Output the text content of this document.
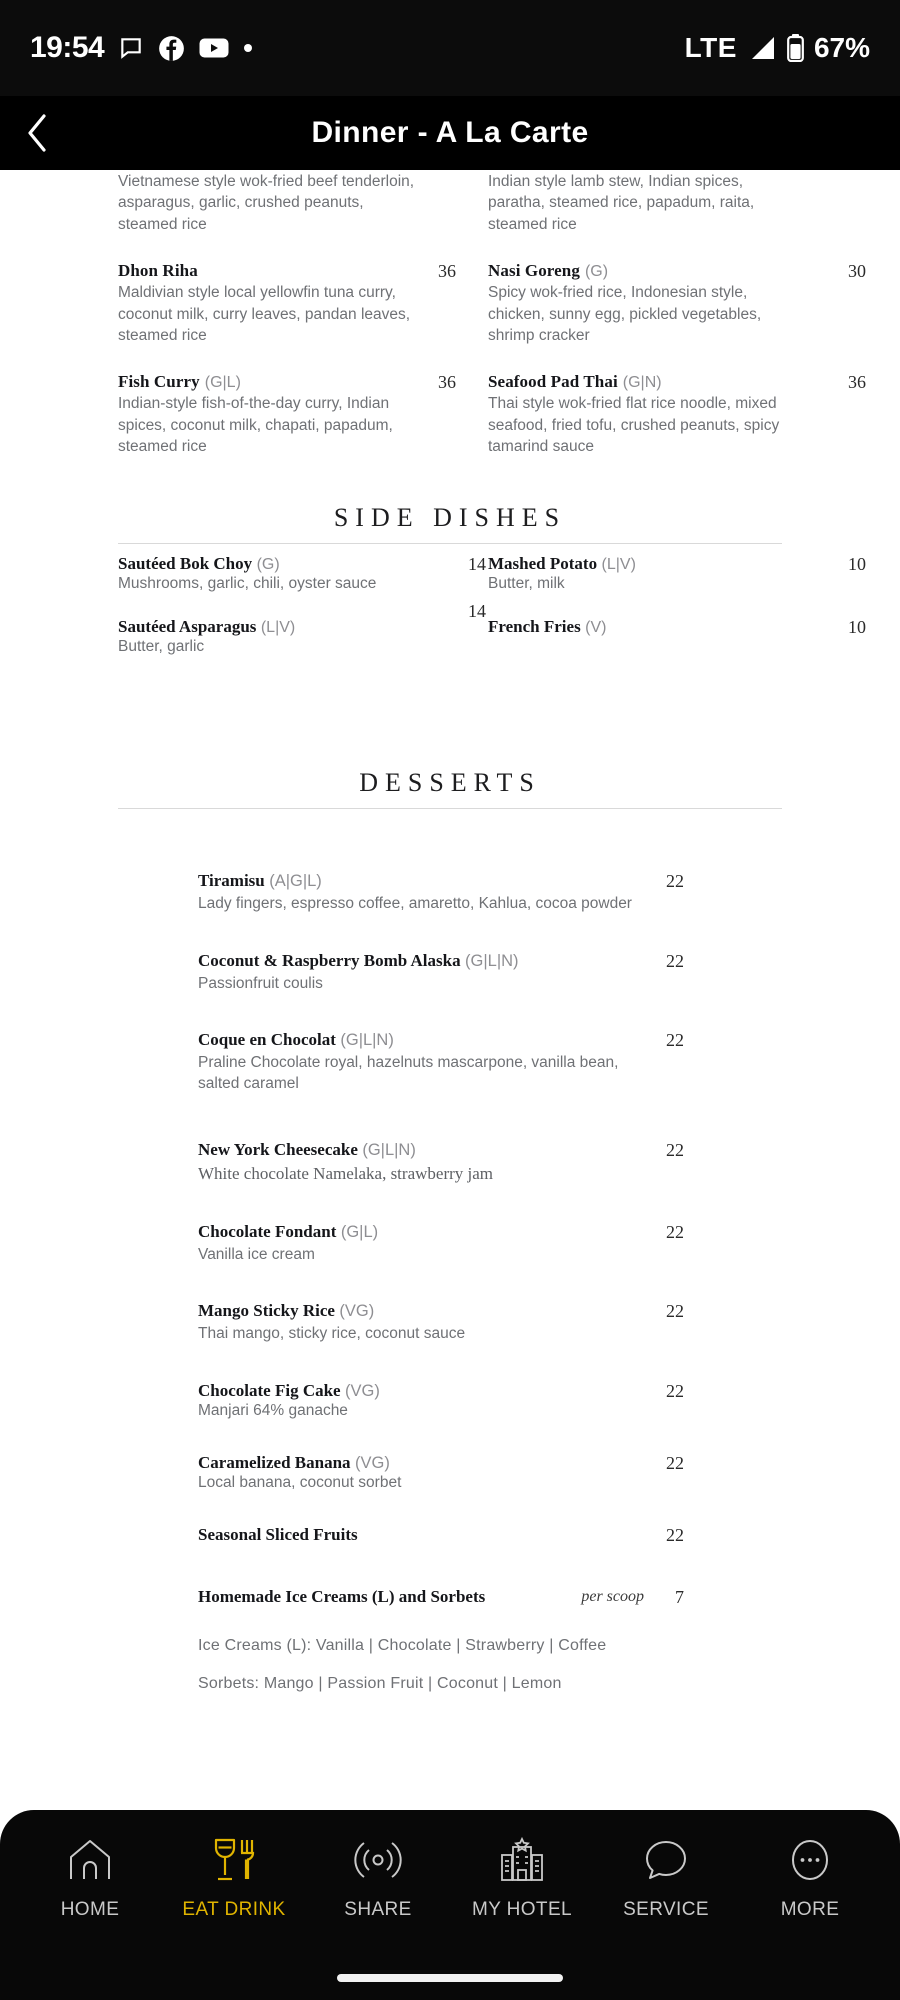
19:54	LTE	67%
Dinner - A La Carte
Vietnamese style wok-fried beef tenderloin, asparagus, garlic, crushed peanuts, steamed rice
Dhon Riha
Maldivian style local yellowfin tuna curry, coconut milk, curry leaves, pandan leaves, steamed rice
36
Fish Curry (G|L)
Indian-style fish-of-the-day curry, Indian spices, coconut milk, chapati, papadum, steamed rice
36
Indian style lamb stew, Indian spices, paratha, steamed rice, papadum, raita, steamed rice
Nasi Goreng (G)
Spicy wok-fried rice, Indonesian style, chicken, sunny egg, pickled vegetables, shrimp cracker
30
Seafood Pad Thai (G|N)
Thai style wok-fried flat rice noodle, mixed seafood, fried tofu, crushed peanuts, spicy tamarind sauce
36
SIDE DISHES
Sautéed Bok Choy (G)
Mushrooms, garlic, chili, oyster sauce
14
Sautéed Asparagus (L|V)
Butter, garlic
14
Mashed Potato (L|V)
Butter, milk
10
French Fries (V)	10
DESSERTS
Tiramisu (A|G|L)
Lady fingers, espresso coffee, amaretto, Kahlua, cocoa powder
22
Coconut & Raspberry Bomb Alaska (G|L|N)
Passionfruit coulis
22
Coque en Chocolat (G|L|N)
Praline Chocolate royal, hazelnuts mascarpone, vanilla bean, salted caramel
22
New York Cheesecake (G|L|N)
White chocolate Namelaka, strawberry jam
22
Chocolate Fondant (G|L)
Vanilla ice cream
22
Mango Sticky Rice (VG)
Thai mango, sticky rice, coconut sauce
22
Chocolate Fig Cake (VG)
Manjari 64% ganache
22
Caramelized Banana (VG)
Local banana, coconut sorbet
22
Seasonal Sliced Fruits	22
Homemade Ice Creams (L) and Sorbets	per scoop 7
Ice Creams (L): Vanilla | Chocolate | Strawberry | Coffee
Sorbets: Mango | Passion Fruit | Coconut | Lemon
HOME	EAT DRINK	SHARE	MY HOTEL	SERVICE	MORE
